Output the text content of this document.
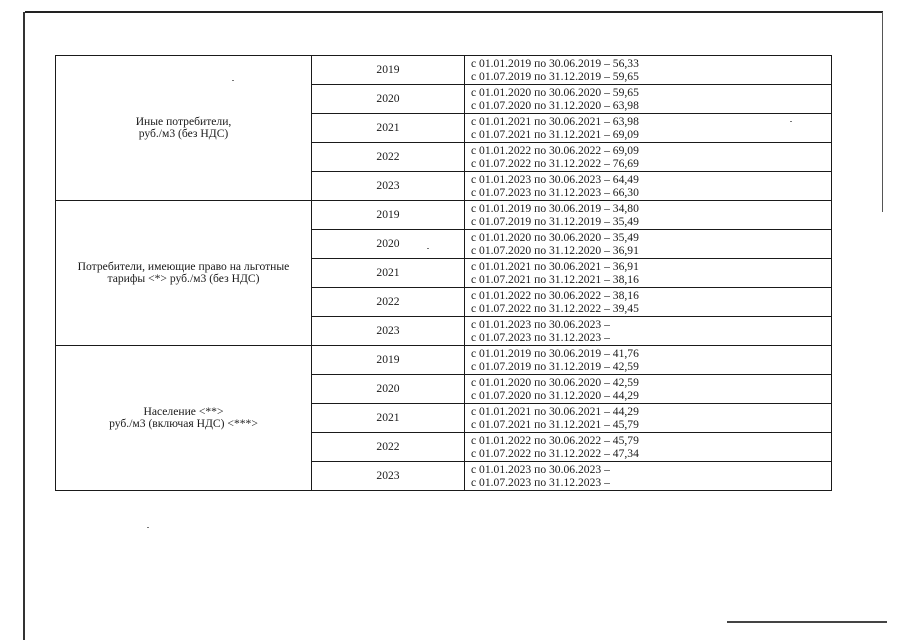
Иные потребители,
руб./м3 (без НДС)	2019	с 01.01.2019 по 30.06.2019 – 56,33
с 01.07.2019 по 31.12.2019 – 59,65

	2020	с 01.01.2020 по 30.06.2020 – 59,65
с 01.07.2020 по 31.12.2020 – 63,98

	2021	с 01.01.2021 по 30.06.2021 – 63,98
с 01.07.2021 по 31.12.2021 – 69,09

	2022	с 01.01.2022 по 30.06.2022 – 69,09
с 01.07.2022 по 31.12.2022 – 76,69

	2023	с 01.01.2023 по 30.06.2023 – 64,49
с 01.07.2023 по 31.12.2023 – 66,30

Потребители, имеющие право на льготные
тарифы <*> руб./м3 (без НДС)	2019	с 01.01.2019 по 30.06.2019 – 34,80
с 01.07.2019 по 31.12.2019 – 35,49

	2020	с 01.01.2020 по 30.06.2020 – 35,49
с 01.07.2020 по 31.12.2020 – 36,91

	2021	с 01.01.2021 по 30.06.2021 – 36,91
с 01.07.2021 по 31.12.2021 – 38,16

	2022	с 01.01.2022 по 30.06.2022 – 38,16
с 01.07.2022 по 31.12.2022 – 39,45

	2023	с 01.01.2023 по 30.06.2023 –
с 01.07.2023 по 31.12.2023 –

Население <**>
руб./м3 (включая НДС) <***>	2019	с 01.01.2019 по 30.06.2019 – 41,76
с 01.07.2019 по 31.12.2019 – 42,59

	2020	с 01.01.2020 по 30.06.2020 – 42,59
с 01.07.2020 по 31.12.2020 – 44,29

	2021	с 01.01.2021 по 30.06.2021 – 44,29
с 01.07.2021 по 31.12.2021 – 45,79

	2022	с 01.01.2022 по 30.06.2022 – 45,79
с 01.07.2022 по 31.12.2022 – 47,34

	2023	с 01.01.2023 по 30.06.2023 –
с 01.07.2023 по 31.12.2023 –
